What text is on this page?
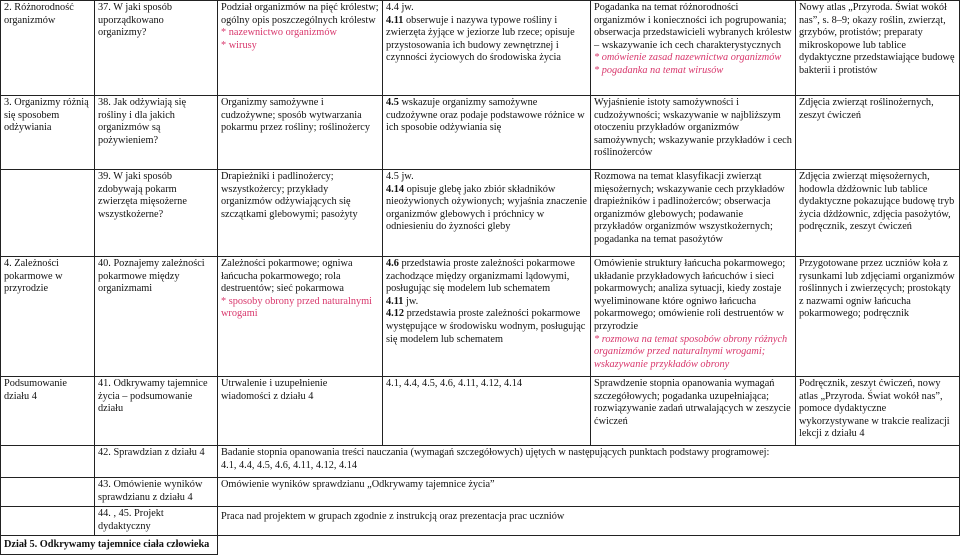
2. Różnorodność organizmów

37. W jaki sposób uporządkowano organizmy?

Podział organizmów na pięć królestw; ogólny opis poszczególnych królestw

* nazewnictwo organizmów

* wirusy

4.4 jw.

4.11 obserwuje i nazywa typowe rośliny i zwierzęta żyjące w jeziorze lub rzece; opisuje przystosowania ich budowy zewnętrznej i czynności życiowych do środowiska życia

Pogadanka na temat różnorodności organizmów i konieczności ich pogrupowania; obserwacja przedstawicieli wybranych królestw – wskazywanie ich cech charakterystycznych

* omówienie zasad nazewnictwa organizmów

* pogadanka na temat wirusów

Nowy atlas „Przyroda. Świat wokół nas”, s. 8–9; okazy roślin, zwierząt, grzybów, protistów; preparaty mikroskopowe lub tablice dydaktyczne przedstawiające budowę bakterii i protistów

3. Organizmy różnią się sposobem odżywiania

38. Jak odżywiają się rośliny i dla jakich organizmów są pożywieniem?

Organizmy samożywne i cudzożywne; sposób wytwarzania pokarmu przez rośliny; roślinożercy

4.5 wskazuje organizmy samożywne cudzożywne oraz podaje podstawowe różnice w ich sposobie odżywiania się

Wyjaśnienie istoty samożywności i cudzożywności; wskazywanie w najbliższym otoczeniu przykładów organizmów samożywnych; wskazywanie przykładów i cech roślinożerców

Zdjęcia zwierząt roślinożernych, zeszyt ćwiczeń

39. W jaki sposób zdobywają pokarm zwierzęta mięsożerne wszystkożerne?

Drapieżniki i padlinożercy; wszystkożercy; przykłady organizmów odżywiających się szczątkami glebowymi; pasożyty

4.5 jw.

4.14 opisuje glebę jako zbiór składników nieożywionych ożywionych; wyjaśnia znaczenie organizmów glebowych i próchnicy w odniesieniu do żyzności gleby

Rozmowa na temat klasyfikacji zwierząt mięsożernych; wskazywanie cech przykładów drapieżników i padlinożerców; obserwacja organizmów glebowych; podawanie przykładów organizmów wszystkożernych; pogadanka na temat pasożytów

Zdjęcia zwierząt mięsożernych, hodowla dżdżownic lub tablice dydaktyczne pokazujące budowę tryb życia dżdżownic, zdjęcia pasożytów, podręcznik, zeszyt ćwiczeń

4. Zależności pokarmowe w przyrodzie

40. Poznajemy zależności pokarmowe między organizmami

Zależności pokarmowe; ogniwa łańcucha pokarmowego; rola destruentów; sieć pokarmowa

* sposoby obrony przed naturalnymi wrogami

4.6 przedstawia proste zależności pokarmowe zachodzące między organizmami lądowymi, posługując się modelem lub schematem

4.11 jw.

4.12 przedstawia proste zależności pokarmowe występujące w środowisku wodnym, posługując się modelem lub schematem

Omówienie struktury łańcucha pokarmowego; układanie przykładowych łańcuchów i sieci pokarmowych; analiza sytuacji, kiedy zostaje wyeliminowane które ogniwo łańcucha pokarmowego; omówienie roli destruentów w przyrodzie

* rozmowa na temat sposobów obrony różnych organizmów przed naturalnymi wrogami; wskazywanie przykładów obrony

Przygotowane przez uczniów koła z rysunkami lub zdjęciami organizmów roślinnych i zwierzęcych; prostokąty z nazwami ogniw łańcucha pokarmowego; podręcznik

Podsumowanie działu 4

41. Odkrywamy tajemnice życia – podsumowanie działu

Utrwalenie i uzupełnienie wiadomości z działu 4

4.1, 4.4, 4.5, 4.6, 4.11, 4.12, 4.14	Sprawdzenie stopnia opanowania wymagań szczegółowych; pogadanka uzupełniająca; rozwiązywanie zadań utrwalających w zeszycie ćwiczeń

Podręcznik, zeszyt ćwiczeń, nowy atlas „Przyroda. Świat wokół nas”, pomoce dydaktyczne wykorzystywane w trakcie realizacji lekcji z działu 4

42. Sprawdzian z działu 4	Badanie stopnia opanowania treści nauczania (wymagań szczegółowych) ujętych w następujących punktach podstawy programowej:

4.1, 4.4, 4.5, 4.6, 4.11, 4.12, 4.14

43. Omówienie wyników sprawdzianu z działu 4

Omówienie wyników sprawdzianu „Odkrywamy tajemnice życia”

44. , 45. Projekt dydaktyczny

Praca nad projektem w grupach zgodnie z instrukcją oraz prezentacja prac uczniów

Dział 5. Odkrywamy tajemnice ciała człowieka
